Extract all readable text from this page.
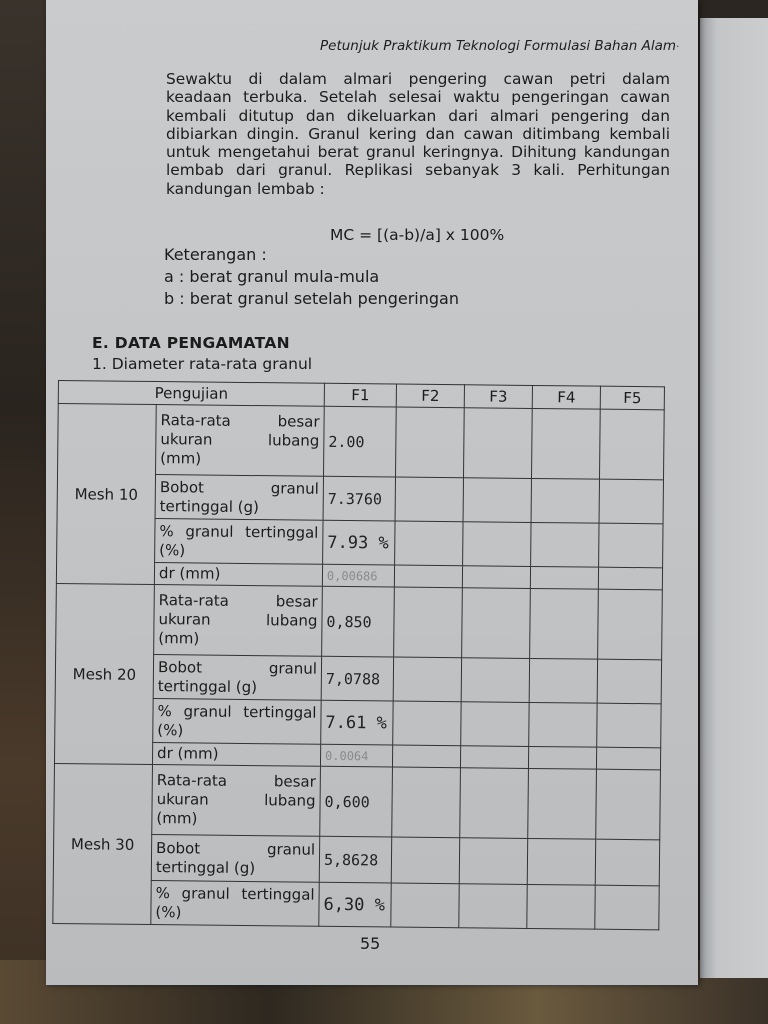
Petunjuk Praktikum Teknologi Formulasi Bahan Alam ·
Sewaktu di dalam almari pengering cawan petri dalam
keadaan terbuka. Setelah selesai waktu pengeringan cawan
kembali ditutup dan dikeluarkan dari almari pengering dan
dibiarkan dingin. Granul kering dan cawan ditimbang kembali
untuk mengetahui berat granul keringnya. Dihitung kandungan
lembab dari granul. Replikasi sebanyak 3 kali. Perhitungan
kandungan lembab :
MC = [(a-b)/a] x 100%
Keterangan :
a : berat granul mula-mula
b : berat granul setelah pengeringan
E. DATA PENGAMATAN
1. Diameter rata-rata granul
Pengujian		F1	F2	F3	F4	F5
Mesh 10	Rata-rata besar
ukuran lubang
(mm)	2.00				

	Bobot granul
tertinggal (g)	7.3760				

	% granul tertinggal
(%)	7.93 %				

	dr (mm)	0,00686				
Mesh 20	Rata-rata besar
ukuran lubang
(mm)	0,850				

	Bobot granul
tertinggal (g)	7,0788				

	% granul tertinggal
(%)	7.61 %				

	dr (mm)	0.0064				
Mesh 30	Rata-rata besar
ukuran lubang
(mm)	0,600				

	Bobot granul
tertinggal (g)	5,8628				

	% granul tertinggal
(%)	6,30 %				
55
